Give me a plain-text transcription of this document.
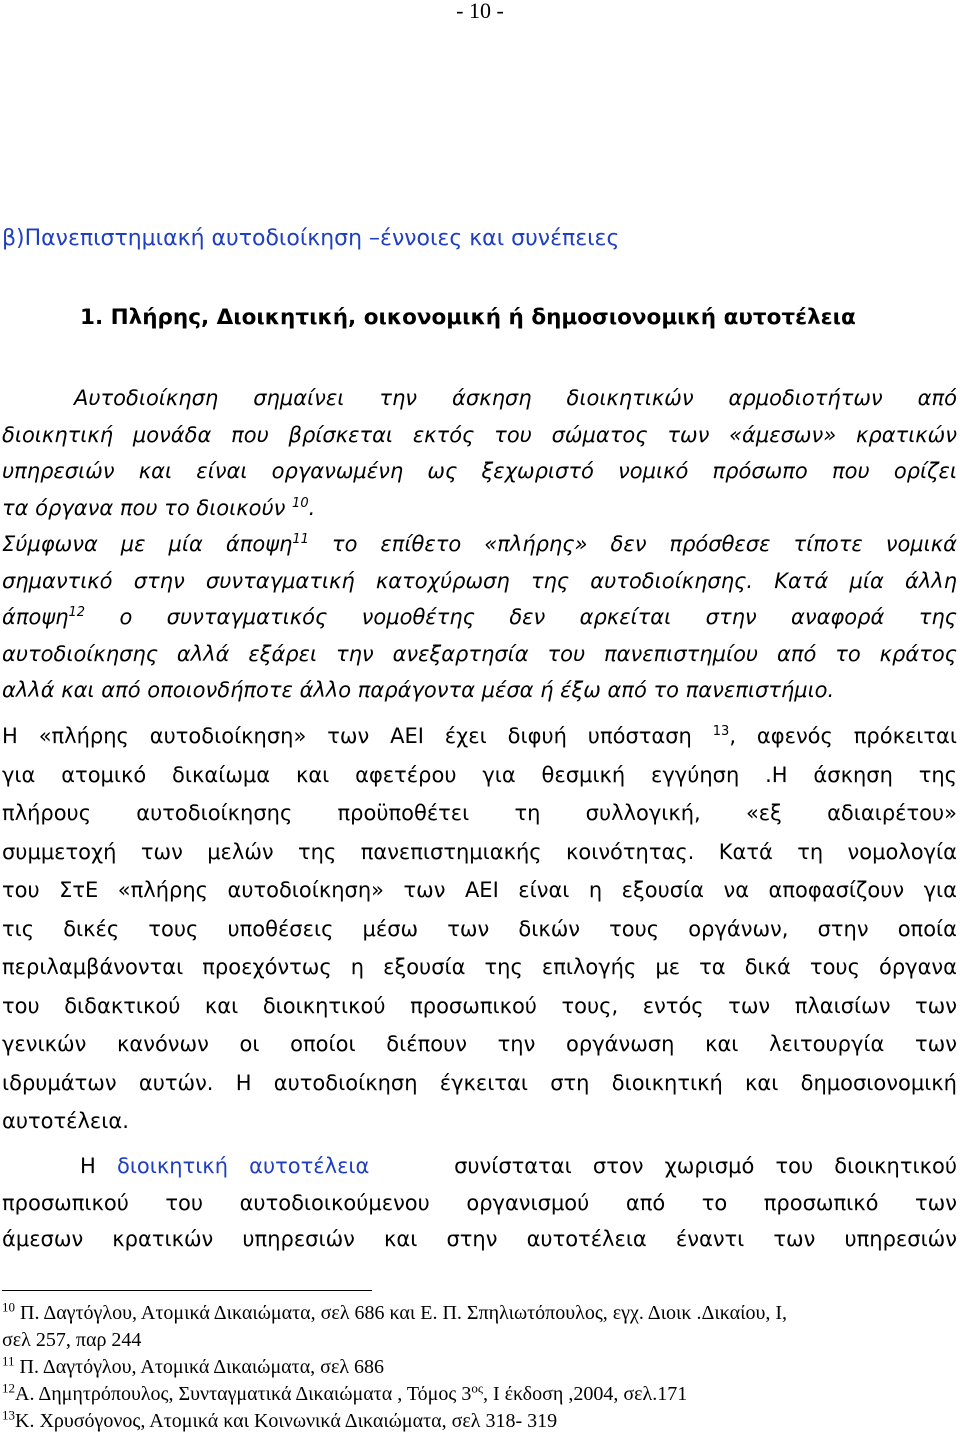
- 10 -
β)Πανεπιστημιακή αυτοδιοίκηση –έννοιες και συνέπειες
1. Πλήρης, Διοικητική, οικονομική ή δημοσιονομική αυτοτέλεια
Αυτοδιοίκηση σημαίνει την άσκηση διοικητικών αρμοδιοτήτων από
διοικητική μονάδα που βρίσκεται εκτός του σώματος των «άμεσων» κρατικών
υπηρεσιών και είναι οργανωμένη ως ξεχωριστό νομικό πρόσωπο που ορίζει
τα όργανα που το διοικούν $^{10}$.
Σύμφωνα με μία άποψη$^{11}$ το επίθετο «πλήρης» δεν πρόσθεσε τίποτε νομικά
σημαντικό στην συνταγματική κατοχύρωση της αυτοδιοίκησης. Κατά μία άλλη
άποψη$^{12}$ ο συνταγματικός νομοθέτης δεν αρκείται στην αναφορά της
αυτοδιοίκησης αλλά εξάρει την ανεξαρτησία του πανεπιστημίου από το κράτος
αλλά και από οποιονδήποτε άλλο παράγοντα μέσα ή έξω από το πανεπιστήμιο.
Η «πλήρης αυτοδιοίκηση» των ΑΕΙ έχει διφυή υπόσταση $^{13}$, αφενός πρόκειται
για ατομικό δικαίωμα και αφετέρου για θεσμική εγγύηση .Η άσκηση της
πλήρους αυτοδιοίκησης προϋποθέτει τη συλλογική, «εξ αδιαιρέτου»
συμμετοχή των μελών της πανεπιστημιακής κοινότητας. Κατά τη νομολογία
του ΣτΕ «πλήρης αυτοδιοίκηση» των ΑΕΙ είναι η εξουσία να αποφασίζουν για
τις δικές τους υποθέσεις μέσω των δικών τους οργάνων, στην οποία
περιλαμβάνονται προεχόντως η εξουσία της επιλογής με τα δικά τους όργανα
του διδακτικού και διοικητικού προσωπικού τους, εντός των πλαισίων των
γενικών κανόνων οι οποίοι διέπουν την οργάνωση και λειτουργία των
ιδρυμάτων αυτών. Η αυτοδιοίκηση έγκειται στη διοικητική και δημοσιονομική
αυτοτέλεια.
Η διοικητική αυτοτέλεια	συνίσταται στον χωρισμό του διοικητικού
προσωπικού του αυτοδιοικούμενου οργανισμού από το προσωπικό των
άμεσων κρατικών υπηρεσιών και στην αυτοτέλεια έναντι των υπηρεσιών
$^{10}$ Π. Δαγτόγλου, Ατομικά Δικαιώματα, σελ 686 και Ε. Π. Σπηλιωτόπουλος, εγχ. Διοικ .Δικαίου, Ι,
σελ 257, παρ 244
$^{11}$ Π. Δαγτόγλου, Ατομικά Δικαιώματα, σελ 686
$^{12}$Α. Δημητρόπουλος, Συνταγματικά Δικαιώματα , Τόμος $3^{o\varsigma}$, Ι έκδοση ,2004, σελ.171
$^{13}$Κ. Χρυσόγονος, Ατομικά και Κοινωνικά Δικαιώματα, σελ 318- 319
